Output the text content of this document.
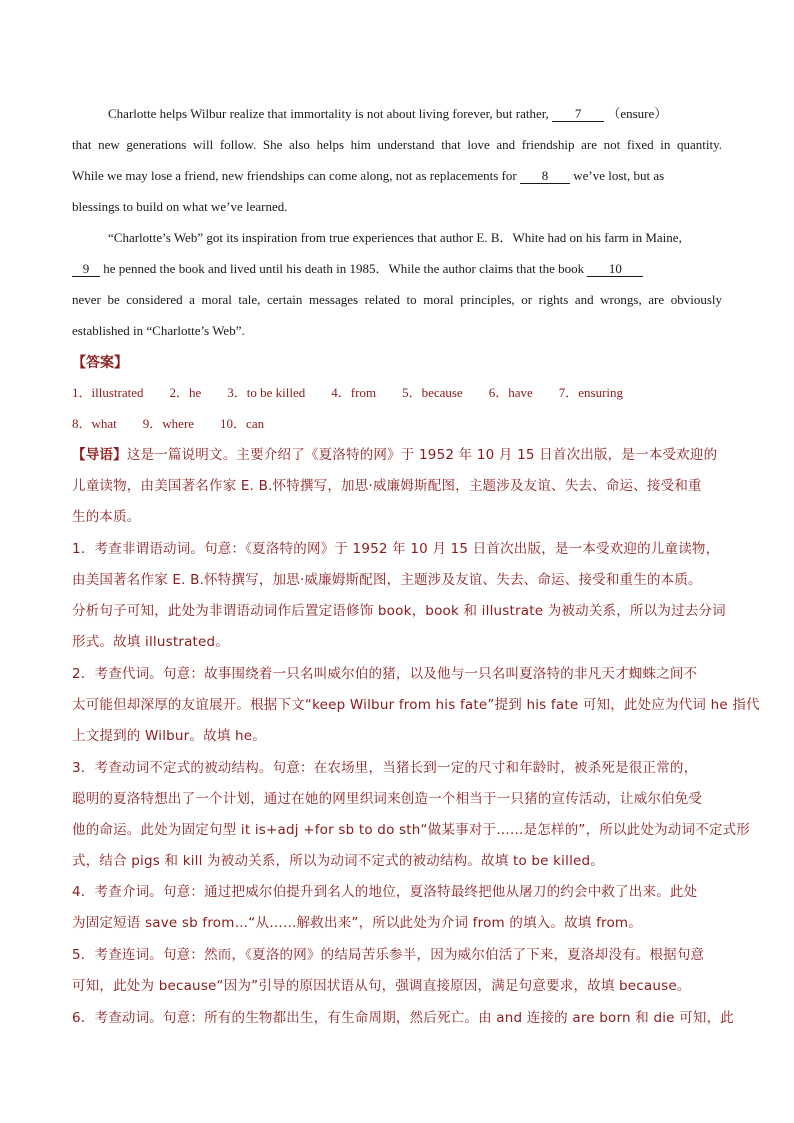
Charlotte helps Wilbur realize that immortality is not about living forever, but rather, 7 （ensure）
that new generations will follow. She also helps him understand that love and friendship are not fixed in quantity.
While we may lose a friend, new friendships can come along, not as replacements for 8 we’ve lost, but as
blessings to build on what we’ve learned.
“Charlotte’s Web” got its inspiration from true experiences that author E. B．White had on his farm in Maine,
9 he penned the book and lived until his death in 1985．While the author claims that the book 10
never be considered a moral tale, certain messages related to moral principles, or rights and wrongs, are obviously
established in “Charlotte’s Web”.
【答案】
1．illustrated 2．he 3．to be killed 4．from 5．because 6．have 7．ensuring
8．what 9．where 10．can
【导语】这是一篇说明文。主要介绍了《夏洛特的网》于 1952 年 10 月 15 日首次出版，是一本受欢迎的
儿童读物，由美国著名作家 E. B.怀特撰写，加思·威廉姆斯配图，主题涉及友谊、失去、命运、接受和重
生的本质。
1．考查非谓语动词。句意：《夏洛特的网》于 1952 年 10 月 15 日首次出版，是一本受欢迎的儿童读物，
由美国著名作家 E. B.怀特撰写，加思·威廉姆斯配图，主题涉及友谊、失去、命运、接受和重生的本质。
分析句子可知，此处为非谓语动词作后置定语修饰 book，book 和 illustrate 为被动关系，所以为过去分词
形式。故填 illustrated。
2．考查代词。句意：故事围绕着一只名叫威尔伯的猪，以及他与一只名叫夏洛特的非凡天才蜘蛛之间不
太可能但却深厚的友谊展开。根据下文“keep Wilbur from his fate”提到 his fate 可知，此处应为代词 he 指代
上文提到的 Wilbur。故填 he。
3．考查动词不定式的被动结构。句意：在农场里，当猪长到一定的尺寸和年龄时，被杀死是很正常的，
聪明的夏洛特想出了一个计划，通过在她的网里织词来创造一个相当于一只猪的宣传活动，让威尔伯免受
他的命运。此处为固定句型 it is+adj +for sb to do sth“做某事对于……是怎样的”，所以此处为动词不定式形
式，结合 pigs 和 kill 为被动关系，所以为动词不定式的被动结构。故填 to be killed。
4．考查介词。句意：通过把威尔伯提升到名人的地位，夏洛特最终把他从屠刀的约会中救了出来。此处
为固定短语 save sb from…“从……解救出来”，所以此处为介词 from 的填入。故填 from。
5．考查连词。句意：然而，《夏洛的网》的结局苦乐参半，因为威尔伯活了下来，夏洛却没有。根据句意
可知，此处为 because“因为”引导的原因状语从句，强调直接原因，满足句意要求，故填 because。
6．考查动词。句意：所有的生物都出生，有生命周期，然后死亡。由 and 连接的 are born 和 die 可知，此
